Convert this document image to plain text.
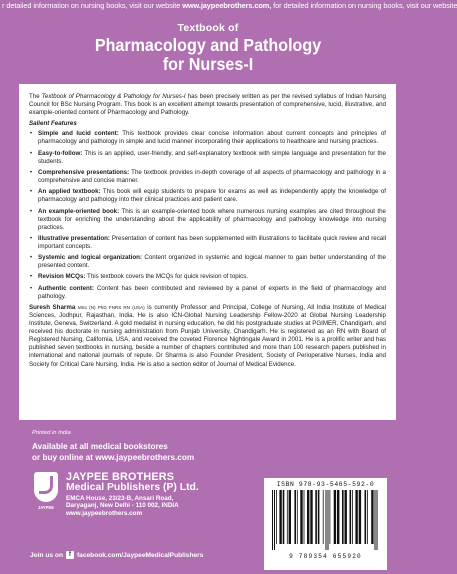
r detailed information on nursing books, visit our website www.jaypeebrothers.com, for detailed information on nursing books, visit our website
Textbook of
Pharmacology and Pathology
for Nurses-I

The Textbook of Pharmacology & Pathology for Nurses-I has been precisely written as per the revised syllabus of Indian Nursing Council for BSc Nursing Program. This book is an excellent attempt towards presentation of comprehensive, lucid, illustrative, and example-oriented content of Pharmacology and Pathology.

Salient Features
• Simple and lucid content: This textbook provides clear concise information about current concepts and principles of pharmacology and pathology in simple and lucid manner incorporating their applications to healthcare and nursing practices.
• Easy-to-follow: This is an applied, user-friendly, and self-explanatory textbook with simple language and presentation for the students.
• Comprehensive presentations: The textbook provides in-depth coverage of all aspects of pharmacology and pathology in a comprehensive and concise manner.
• An applied textbook: This book will equip students to prepare for exams as well as independently apply the knowledge of pharmacology and pathology into their clinical practices and patient care.
• An example-oriented book: This is an example-oriented book where numerous nursing examples are cited throughout the textbook for enriching the understanding about the applicability of pharmacology and pathology knowledge into nursing practices.
• Illustrative presentation: Presentation of content has been supplemented with illustrations to facilitate quick review and recall important concepts.
• Systemic and logical organization: Content organized in systemic and logical manner to gain better understanding of the presented content.
• Revision MCQs: This textbook covers the MCQs for quick revision of topics.
• Authentic content: Content has been contributed and reviewed by a panel of experts in the field of pharmacology and pathology.

Suresh Sharma MSc (N) PhD FNRS RN (USA) is currently Professor and Principal, College of Nursing, All India Institute of Medical Sciences, Jodhpur, Rajasthan, India. He is also ICN-Global Nursing Leadership Fellow-2020 at Global Nursing Leadership Institute, Geneva, Switzerland. A gold medalist in nursing education, he did his postgraduate studies at PGIMER, Chandigarh, and received his doctorate in nursing administration from Punjab University, Chandigarh. He is registered as an RN with Board of Registered Nursing, California, USA, and received the coveted Florence Nightingale Award in 2001. He is a prolific writer and has published seven textbooks in nursing, beside a number of chapters contributed and more than 100 research papers published in international and national journals of repute. Dr Sharma is also Founder President, Society of Perioperative Nurses, India and Society for Critical Care Nursing, India. He is also a section editor of Journal of Medical Evidence.

Printed in India
Available at all medical bookstores
or buy online at www.jaypeebrothers.com
JAYPEE
JAYPEE BROTHERS
Medical Publishers (P) Ltd.
EMCA House, 23/23-B, Ansari Road,
Daryaganj, New Delhi - 110 002, INDIA
www.jaypeebrothers.com
Join us on f facebook.com/JaypeeMedicalPublishers
ISBN 978-93-5465-592-0
9 789354 655920
